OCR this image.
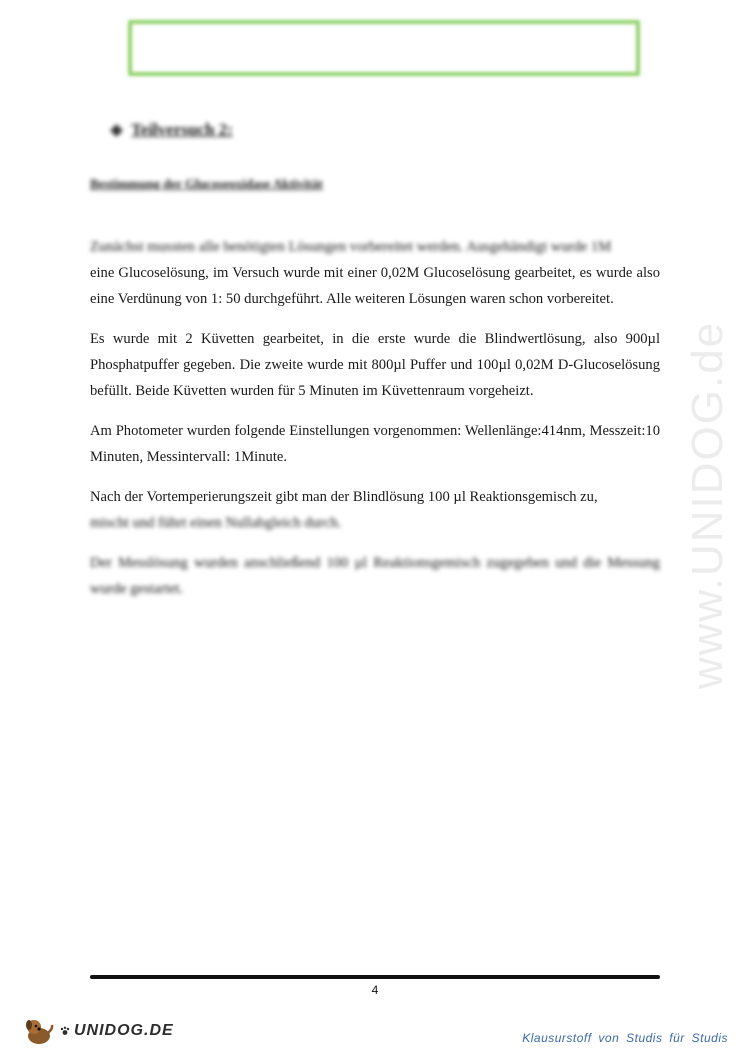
www.UNIDOG.de
Teilversuch 2:
Bestimmung der Glucoseoxidase Aktivität

Zunächst mussten alle benötigten Lösungen vorbereitet werden. Ausgehändigt wurde 1M

eine Glucoselösung, im Versuch wurde mit einer 0,02M Glucoselösung gearbeitet, es wurde also eine Verdünung von 1: 50 durchgeführt. Alle weiteren Lösungen waren schon vorbereitet.

Es wurde mit 2 Küvetten gearbeitet, in die erste wurde die Blindwertlösung, also 900µl Phosphatpuffer gegeben. Die zweite wurde mit 800µl Puffer und 100µl 0,02M D-Glucoselösung befüllt. Beide Küvetten wurden für 5 Minuten im Küvettenraum vorgeheizt.

Am Photometer wurden folgende Einstellungen vorgenommen: Wellenlänge:414nm, Messzeit:10 Minuten, Messintervall: 1Minute.

Nach der Vortemperierungszeit gibt man der Blindlösung 100 µl Reaktionsgemisch zu,

mischt und führt einen Nullabgleich durch.

Der Messlösung wurden anschließend 100 µl Reaktionsgemisch zugegeben und die Messung wurde gestartet.

4
UNIDOG.DE	Klausurstoff von Studis für Studis
